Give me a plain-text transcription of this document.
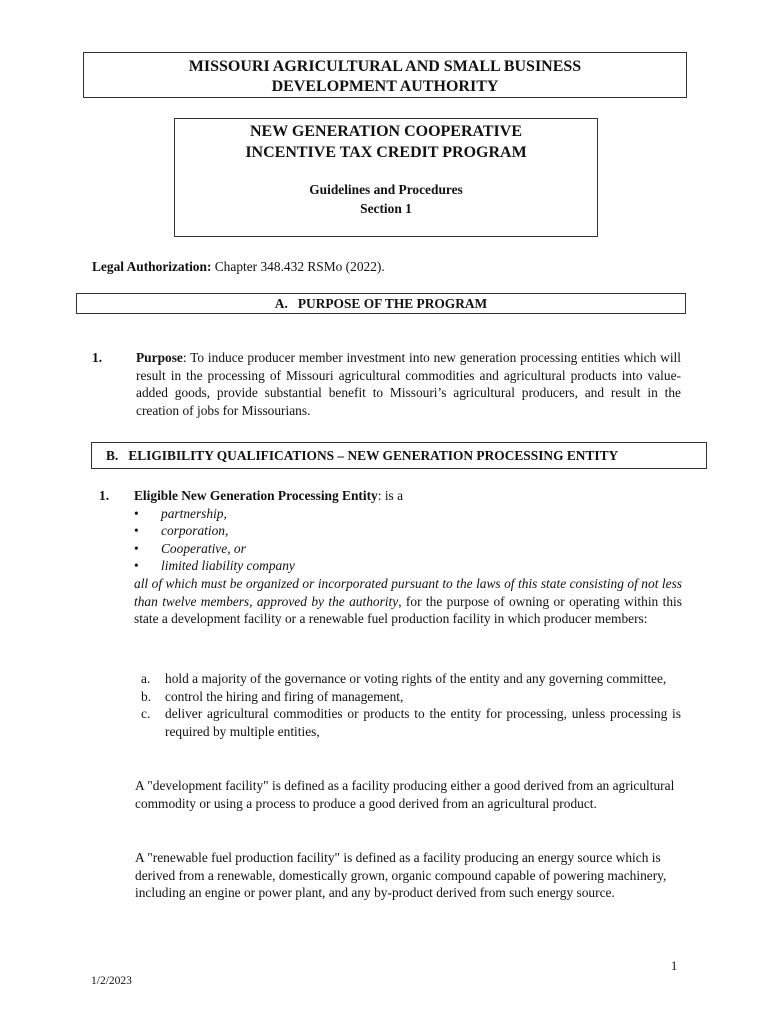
MISSOURI AGRICULTURAL AND SMALL BUSINESS
DEVELOPMENT AUTHORITY
NEW GENERATION COOPERATIVE
INCENTIVE TAX CREDIT PROGRAM
Guidelines and Procedures
Section 1
Legal Authorization: Chapter 348.432 RSMo (2022).
A.   PURPOSE OF THE PROGRAM
1.	Purpose: To induce producer member investment into new generation processing entities which will result in the processing of Missouri agricultural commodities and agricultural products into value-added goods, provide substantial benefit to Missouri’s agricultural producers, and result in the creation of jobs for Missourians.
B.   ELIGIBILITY QUALIFICATIONS – NEW GENERATION PROCESSING ENTITY
1. Eligible New Generation Processing Entity: is a
• partnership,
• corporation,
• Cooperative, or
• limited liability company
all of which must be organized or incorporated pursuant to the laws of this state consisting of not less than twelve members, approved by the authority, for the purpose of owning or operating within this state a development facility or a renewable fuel production facility in which producer members:
a. hold a majority of the governance or voting rights of the entity and any governing committee,
b. control the hiring and firing of management,
c. deliver agricultural commodities or products to the entity for processing, unless processing is required by multiple entities,
A "development facility" is defined as a facility producing either a good derived from an agricultural commodity or using a process to produce a good derived from an agricultural product.
A "renewable fuel production facility" is defined as a facility producing an energy source which is derived from a renewable, domestically grown, organic compound capable of powering machinery, including an engine or power plant, and any by-product derived from such energy source.
1
1/2/2023
